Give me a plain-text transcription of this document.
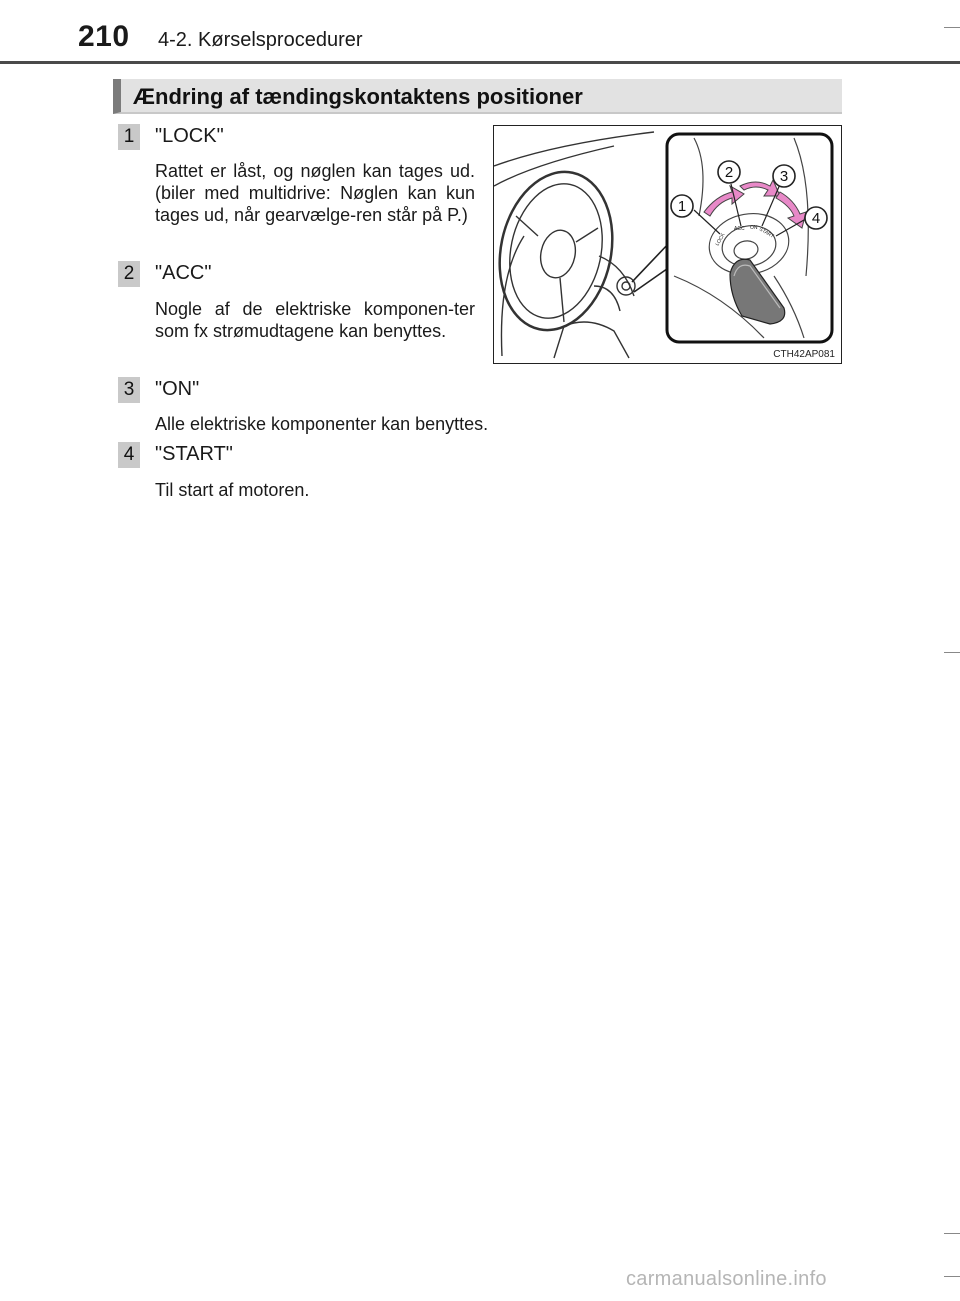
210 4-2. Kørselsprocedurer
Ændring af tændingskontaktens positioner
1 "LOCK"
Rattet er låst, og nøglen kan tages ud. (biler med multidrive: Nøglen kan kun tages ud, når gearvælge-ren står på P.)
2 "ACC"
Nogle af de elektriske komponen-ter som fx strømudtagene kan benyttes.
3 "ON"
Alle elektriske komponenter kan benyttes.
4 "START"
Til start af motoren.
1
2	3
4
LOCK
ACC ON START
CTH42AP081
carmanualsonline.info
